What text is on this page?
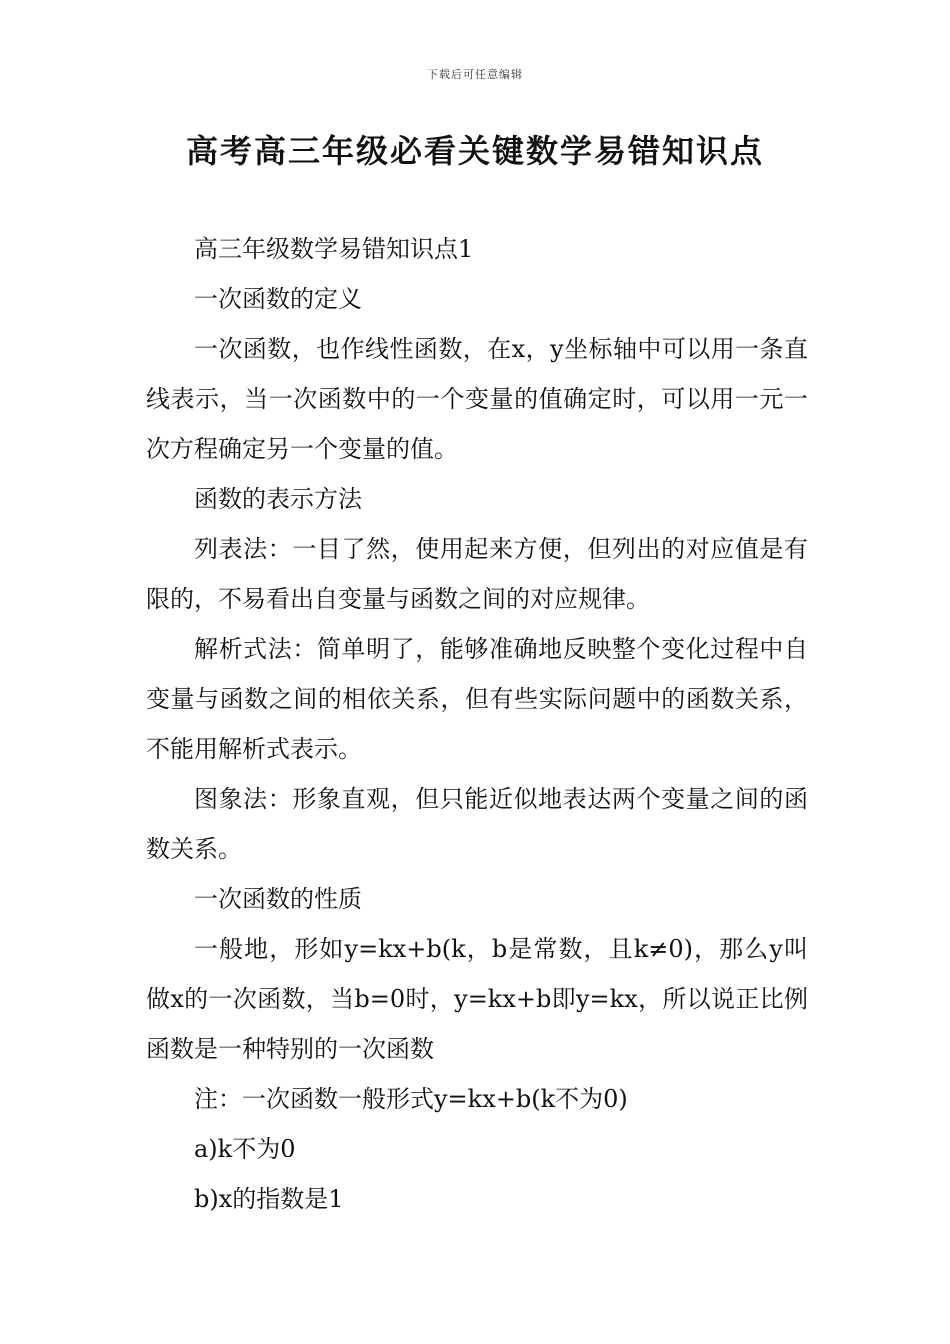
下载后可任意编辑
高考高三年级必看关键数学易错知识点

高三年级数学易错知识点1

一次函数的定义

一次函数，也作线性函数，在x，y坐标轴中可以用一条直线表示，当一次函数中的一个变量的值确定时，可以用一元一次方程确定另一个变量的值。

函数的表示方法

列表法：一目了然，使用起来方便，但列出的对应值是有限的，不易看出自变量与函数之间的对应规律。

解析式法：简单明了，能够准确地反映整个变化过程中自变量与函数之间的相依关系，但有些实际问题中的函数关系，不能用解析式表示。

图象法：形象直观，但只能近似地表达两个变量之间的函数关系。

一次函数的性质

一般地，形如y=kx+b(k，b是常数，且k≠0)，那么y叫做x的一次函数，当b=0时，y=kx+b即y=kx，所以说正比例函数是一种特别的一次函数

注：一次函数一般形式y=kx+b(k不为0)

a)k不为0

b)x的指数是1
